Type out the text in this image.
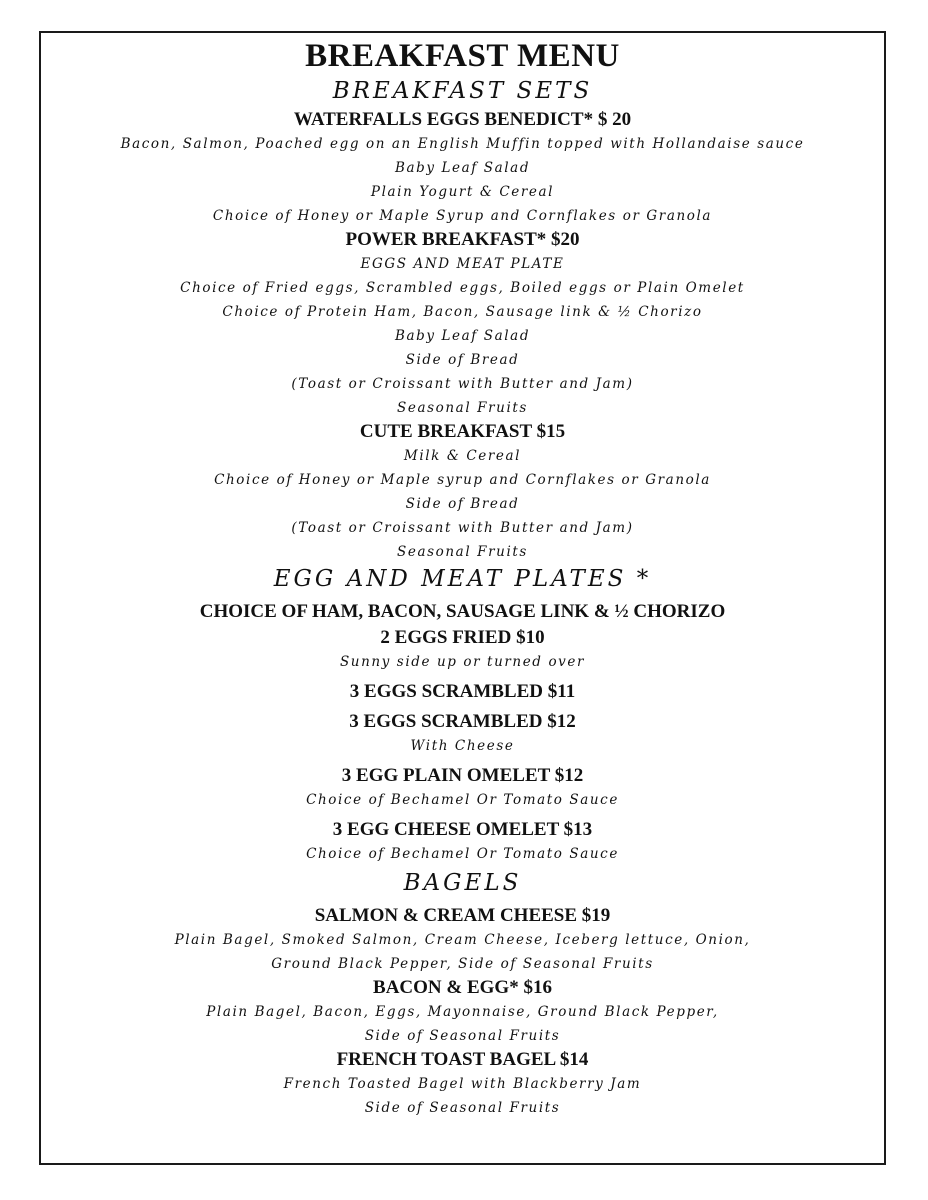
BREAKFAST MENU
BREAKFAST SETS
WATERFALLS EGGS BENEDICT* $ 20
Bacon, Salmon, Poached egg on an English Muffin topped with Hollandaise sauce
Baby Leaf Salad
Plain Yogurt & Cereal
Choice of Honey or Maple Syrup and Cornflakes or Granola
POWER BREAKFAST* $20
EGGS AND MEAT PLATE
Choice of Fried eggs, Scrambled eggs, Boiled eggs or Plain Omelet
Choice of Protein Ham, Bacon, Sausage link & ½ Chorizo
Baby Leaf Salad
Side of Bread
(Toast or Croissant with Butter and Jam)
Seasonal Fruits
CUTE BREAKFAST $15
Milk & Cereal
Choice of Honey or Maple syrup and Cornflakes or Granola
Side of Bread
(Toast or Croissant with Butter and Jam)
Seasonal Fruits
EGG AND MEAT PLATES *
CHOICE OF HAM, BACON, SAUSAGE LINK & ½ CHORIZO
2 EGGS FRIED $10
Sunny side up or turned over
3 EGGS SCRAMBLED $11
3 EGGS SCRAMBLED $12
With Cheese
3 EGG PLAIN OMELET $12
Choice of Bechamel Or Tomato Sauce
3 EGG CHEESE OMELET $13
Choice of Bechamel Or Tomato Sauce
BAGELS
SALMON & CREAM CHEESE $19
Plain Bagel, Smoked Salmon, Cream Cheese, Iceberg lettuce, Onion,
Ground Black Pepper, Side of Seasonal Fruits
BACON & EGG* $16
Plain Bagel, Bacon, Eggs, Mayonnaise, Ground Black Pepper,
Side of Seasonal Fruits
FRENCH TOAST BAGEL $14
French Toasted Bagel with Blackberry Jam
Side of Seasonal Fruits
